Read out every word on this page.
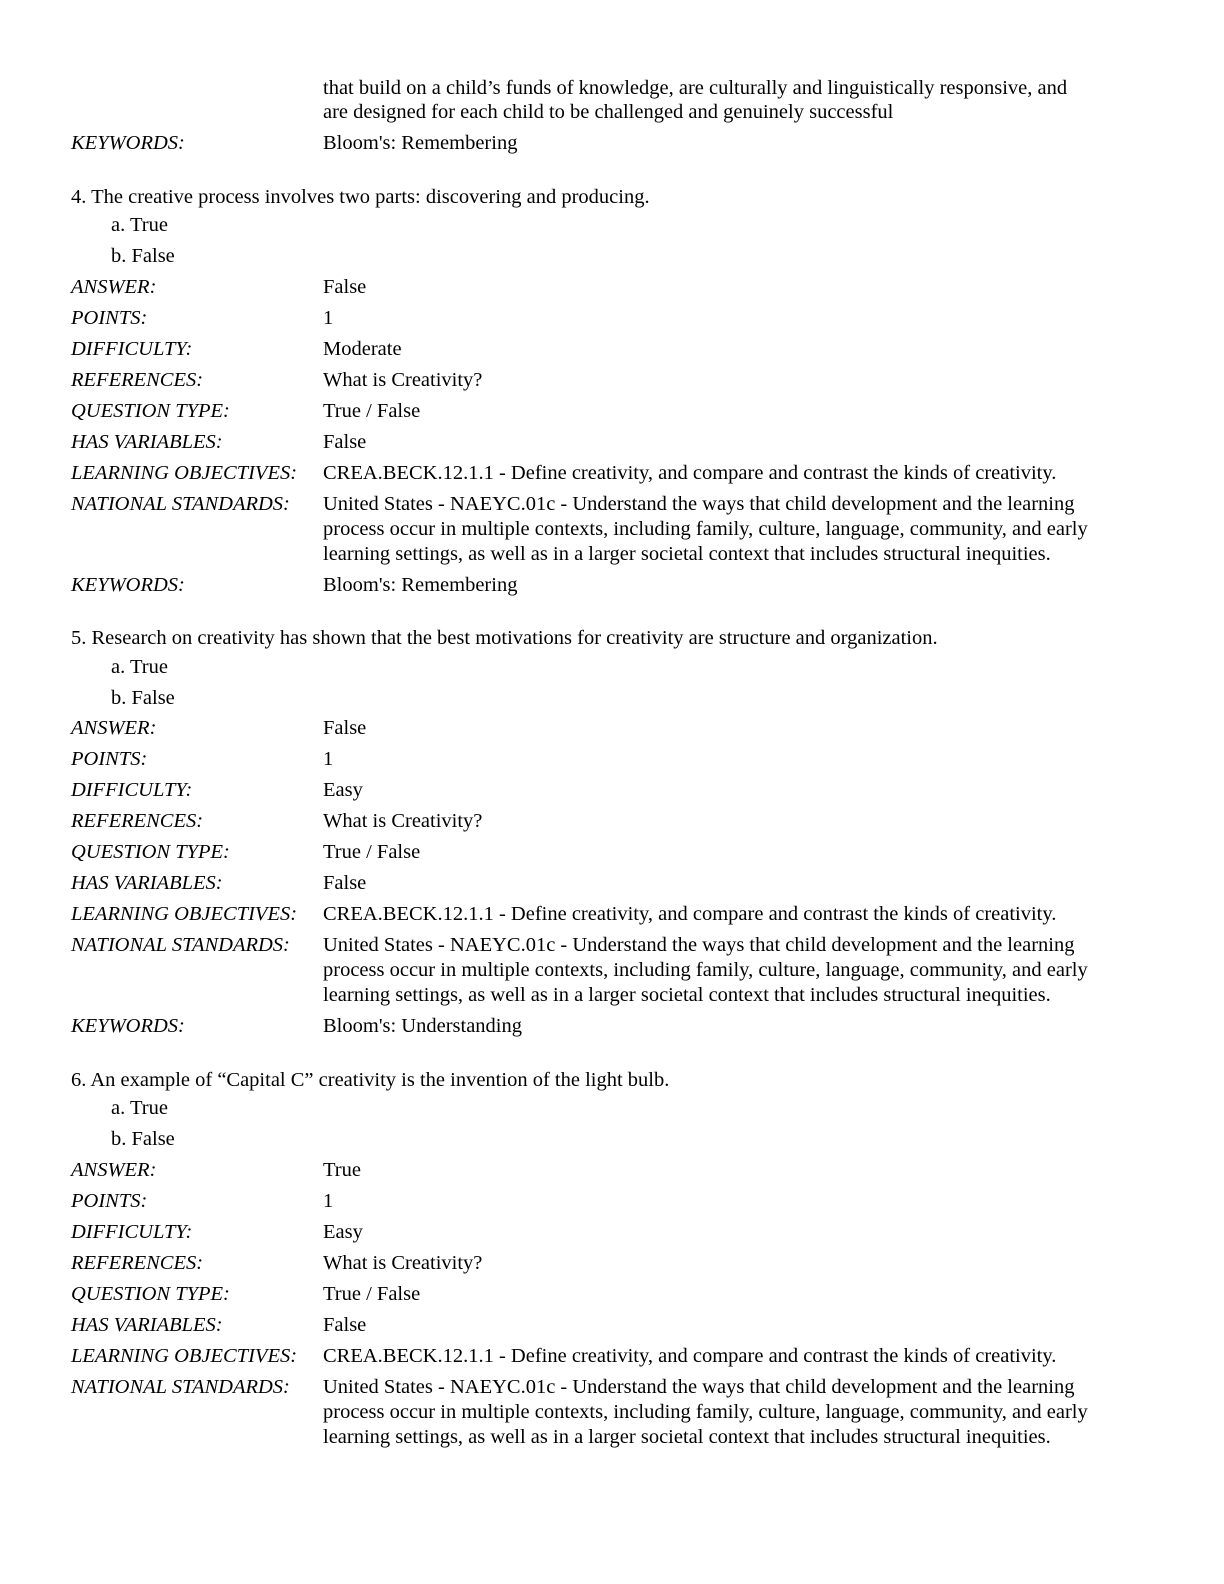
that build on a child’s funds of knowledge, are culturally and linguistically responsive, and
are designed for each child to be challenged and genuinely successful
KEYWORDS:	Bloom's: Remembering
4. The creative process involves two parts: discovering and producing.
a. True
b. False
ANSWER:	False
POINTS:	1
DIFFICULTY:	Moderate
REFERENCES:	What is Creativity?
QUESTION TYPE:	True / False
HAS VARIABLES:	False
LEARNING OBJECTIVES: CREA.BECK.12.1.1 - Define creativity, and compare and contrast the kinds of creativity.
NATIONAL STANDARDS: United States - NAEYC.01c - Understand the ways that child development and the learning
process occur in multiple contexts, including family, culture, language, community, and early
learning settings, as well as in a larger societal context that includes structural inequities.
KEYWORDS:	Bloom's: Remembering
5. Research on creativity has shown that the best motivations for creativity are structure and organization.
a. True
b. False
ANSWER:	False
POINTS:	1
DIFFICULTY:	Easy
REFERENCES:	What is Creativity?
QUESTION TYPE:	True / False
HAS VARIABLES:	False
LEARNING OBJECTIVES: CREA.BECK.12.1.1 - Define creativity, and compare and contrast the kinds of creativity.
NATIONAL STANDARDS: United States - NAEYC.01c - Understand the ways that child development and the learning
process occur in multiple contexts, including family, culture, language, community, and early
learning settings, as well as in a larger societal context that includes structural inequities.
KEYWORDS:	Bloom's: Understanding
6. An example of “Capital C” creativity is the invention of the light bulb.
a. True
b. False
ANSWER:	True
POINTS:	1
DIFFICULTY:	Easy
REFERENCES:	What is Creativity?
QUESTION TYPE:	True / False
HAS VARIABLES:	False
LEARNING OBJECTIVES: CREA.BECK.12.1.1 - Define creativity, and compare and contrast the kinds of creativity.
NATIONAL STANDARDS: United States - NAEYC.01c - Understand the ways that child development and the learning
process occur in multiple contexts, including family, culture, language, community, and early
learning settings, as well as in a larger societal context that includes structural inequities.
